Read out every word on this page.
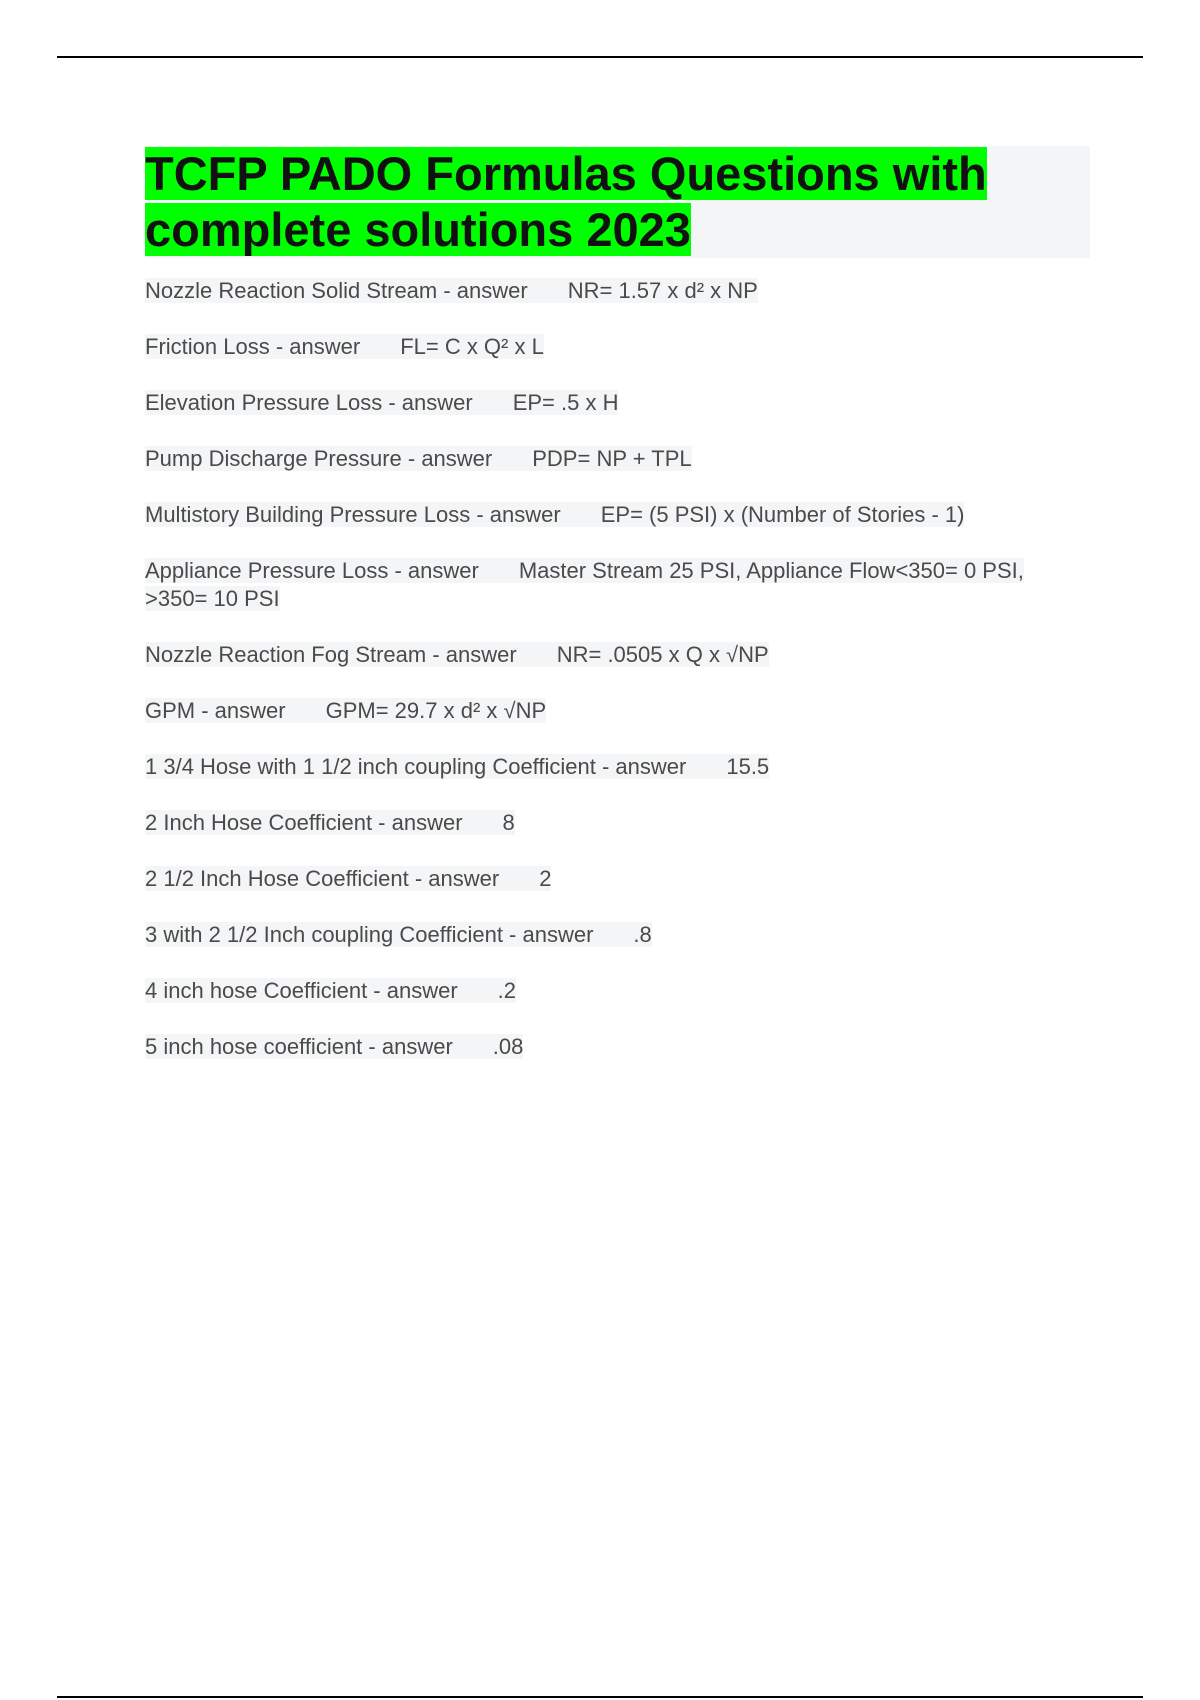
TCFP PADO Formulas Questions with complete solutions 2023
Nozzle Reaction Solid Stream - answer NR= 1.57 x d² x NP
Friction Loss - answer FL= C x Q² x L
Elevation Pressure Loss - answer EP= .5 x H
Pump Discharge Pressure - answer PDP= NP + TPL
Multistory Building Pressure Loss - answer EP= (5 PSI) x (Number of Stories - 1)
Appliance Pressure Loss - answer Master Stream 25 PSI, Appliance Flow<350= 0 PSI, >350= 10 PSI
Nozzle Reaction Fog Stream - answer NR= .0505 x Q x √NP
GPM - answer GPM= 29.7 x d² x √NP
1 3/4 Hose with 1 1/2 inch coupling Coefficient - answer 15.5
2 Inch Hose Coefficient - answer 8
2 1/2 Inch Hose Coefficient - answer 2
3 with 2 1/2 Inch coupling Coefficient - answer .8
4 inch hose Coefficient - answer .2
5 inch hose coefficient - answer .08
